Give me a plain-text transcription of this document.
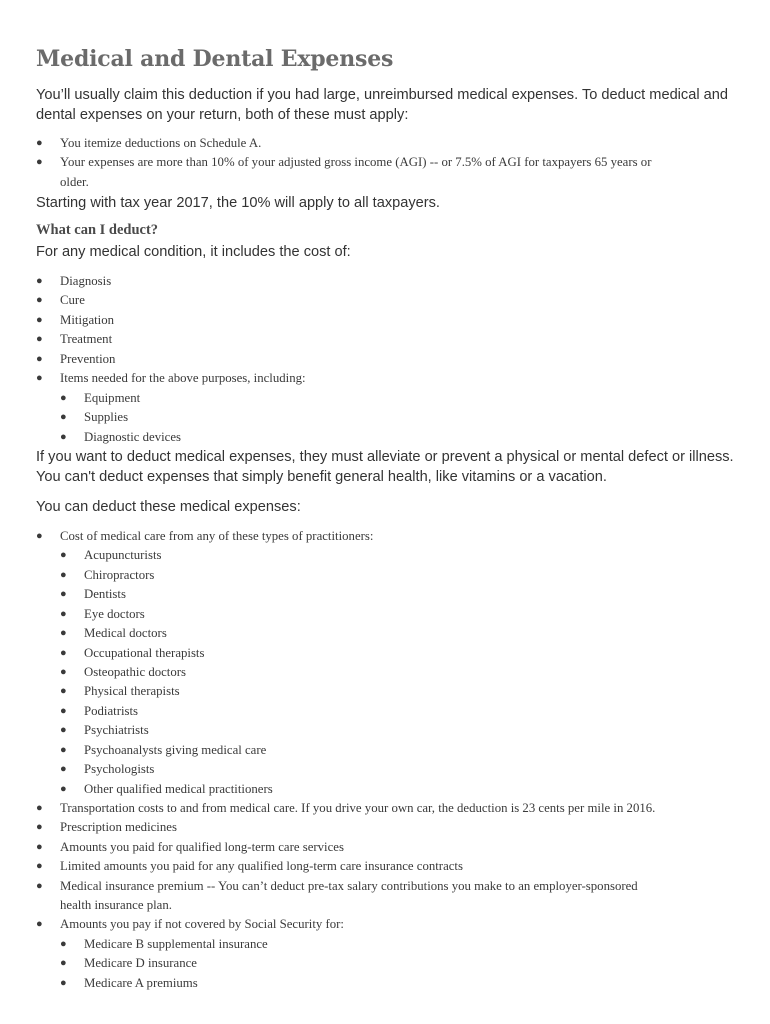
Medical and Dental Expenses
You’ll usually claim this deduction if you had large, unreimbursed medical expenses. To deduct medical and
dental expenses on your return, both of these must apply:
● You itemize deductions on Schedule A.
● Your expenses are more than 10% of your adjusted gross income (AGI) -- or 7.5% of AGI for taxpayers 65 years or
older.
Starting with tax year 2017, the 10% will apply to all taxpayers.
What can I deduct?
For any medical condition, it includes the cost of:
● Diagnosis
● Cure
● Mitigation
● Treatment
● Prevention
● Items needed for the above purposes, including:
● Equipment
● Supplies
● Diagnostic devices
If you want to deduct medical expenses, they must alleviate or prevent a physical or mental defect or illness.
You can't deduct expenses that simply benefit general health, like vitamins or a vacation.
You can deduct these medical expenses:
● Cost of medical care from any of these types of practitioners:
● Acupuncturists
● Chiropractors
● Dentists
● Eye doctors
● Medical doctors
● Occupational therapists
● Osteopathic doctors
● Physical therapists
● Podiatrists
● Psychiatrists
● Psychoanalysts giving medical care
● Psychologists
● Other qualified medical practitioners
● Transportation costs to and from medical care. If you drive your own car, the deduction is 23 cents per mile in 2016.
● Prescription medicines
● Amounts you paid for qualified long-term care services
● Limited amounts you paid for any qualified long-term care insurance contracts
● Medical insurance premium -- You can’t deduct pre-tax salary contributions you make to an employer-sponsored
health insurance plan.
● Amounts you pay if not covered by Social Security for:
● Medicare B supplemental insurance
● Medicare D insurance
● Medicare A premiums
